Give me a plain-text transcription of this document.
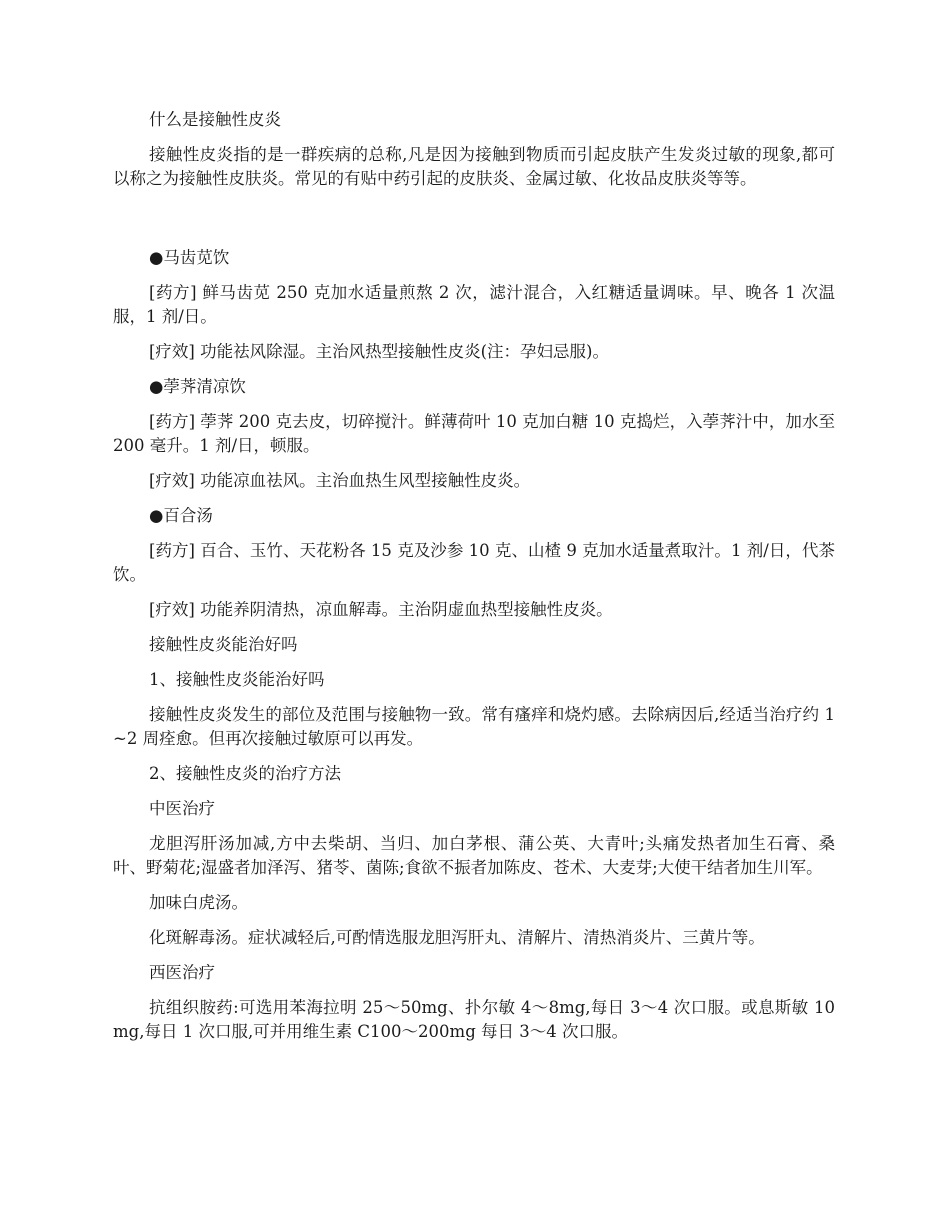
什么是接触性皮炎

接触性皮炎指的是一群疾病的总称,凡是因为接触到物质而引起皮肤产生发炎过敏的现象,都可以称之为接触性皮肤炎。常见的有贴中药引起的皮肤炎、金属过敏、化妆品皮肤炎等等。

●马齿苋饮

[药方] 鲜马齿苋 250 克加水适量煎熬 2 次，滤汁混合，入红糖适量调味。早、晚各 1 次温服，1 剂/日。

[疗效] 功能祛风除湿。主治风热型接触性皮炎(注：孕妇忌服)。

●荸荠清凉饮

[药方] 荸荠 200 克去皮，切碎搅汁。鲜薄荷叶 10 克加白糖 10 克捣烂，入荸荠汁中，加水至 200 毫升。1 剂/日，顿服。

[疗效] 功能凉血祛风。主治血热生风型接触性皮炎。

●百合汤

[药方] 百合、玉竹、天花粉各 15 克及沙参 10 克、山楂 9 克加水适量煮取汁。1 剂/日，代茶饮。

[疗效] 功能养阴清热，凉血解毒。主治阴虚血热型接触性皮炎。

接触性皮炎能治好吗

1、接触性皮炎能治好吗

接触性皮炎发生的部位及范围与接触物一致。常有瘙痒和烧灼感。去除病因后,经适当治疗约 1~2 周痊愈。但再次接触过敏原可以再发。

2、接触性皮炎的治疗方法

中医治疗

龙胆泻肝汤加减,方中去柴胡、当归、加白茅根、蒲公英、大青叶;头痛发热者加生石膏、桑叶、野菊花;湿盛者加泽泻、猪苓、菌陈;食欲不振者加陈皮、苍术、大麦芽;大使干结者加生川军。

加味白虎汤。

化斑解毒汤。症状减轻后,可酌情选服龙胆泻肝丸、清解片、清热消炎片、三黄片等。

西医治疗

抗组织胺药:可选用苯海拉明 25～50mg、扑尔敏 4～8mg,每日 3～4 次口服。或息斯敏 10mg,每日 1 次口服,可并用维生素 C100～200mg 每日 3～4 次口服。
